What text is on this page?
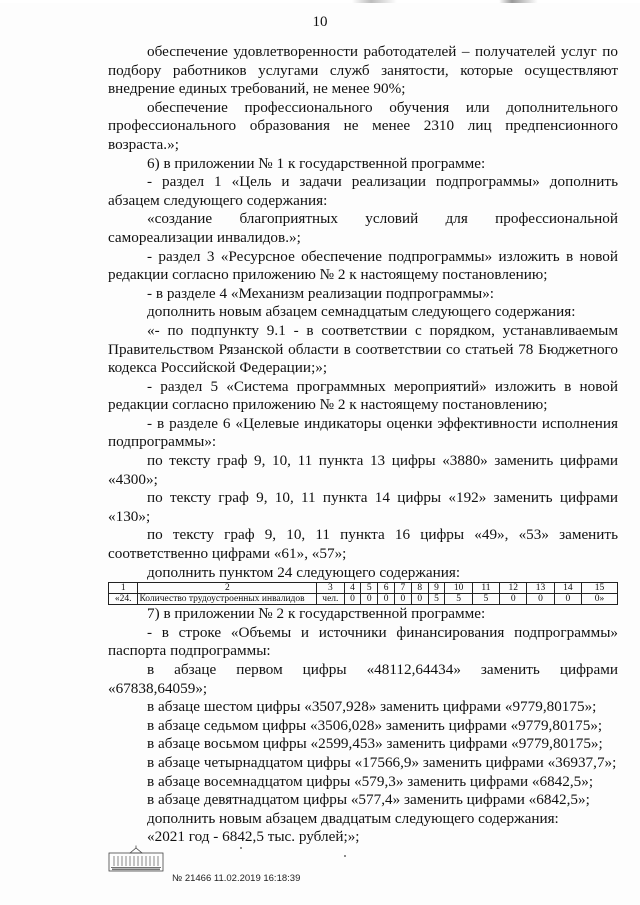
10

обеспечение удовлетворенности работодателей – получателей услуг по подбору работников услугами служб занятости, которые осуществляют внедрение единых требований, не менее 90%;

обеспечение профессионального обучения или дополнительного профессионального образования не менее 2310 лиц предпенсионного возраста.»;

6) в приложении № 1 к государственной программе:

- раздел 1 «Цель и задачи реализации подпрограммы» дополнить абзацем следующего содержания:

«создание благоприятных условий для профессиональной самореализации инвалидов.»;

- раздел 3 «Ресурсное обеспечение подпрограммы» изложить в новой редакции согласно приложению № 2 к настоящему постановлению;

- в разделе 4 «Механизм реализации подпрограммы»:

дополнить новым абзацем семнадцатым следующего содержания:

«- по подпункту 9.1 - в соответствии с порядком, устанавливаемым Правительством Рязанской области в соответствии со статьей 78 Бюджетного кодекса Российской Федерации;»;

- раздел 5 «Система программных мероприятий» изложить в новой редакции согласно приложению № 2 к настоящему постановлению;

- в разделе 6 «Целевые индикаторы оценки эффективности исполнения подпрограммы»:

по тексту граф 9, 10, 11 пункта 13 цифры «3880» заменить цифрами «4300»;

по тексту граф 9, 10, 11 пункта 14 цифры «192» заменить цифрами «130»;

по тексту граф 9, 10, 11 пункта 16 цифры «49», «53» заменить соответственно цифрами «61», «57»;

дополнить пунктом 24 следующего содержания:

1	2	3	4	5	6	7	8	9	10	11	12	13	14	15
«24.	Количество трудоустроенных инвалидов	чел.	0	0	0	0	0	5	5	5	0	0	0	0»

7) в приложении № 2 к государственной программе:

- в строке «Объемы и источники финансирования подпрограммы» паспорта подпрограммы:

в абзаце первом цифры «48112,64434» заменить цифрами «67838,64059»;

в абзаце шестом цифры «3507,928» заменить цифрами «9779,80175»;

в абзаце седьмом цифры «3506,028» заменить цифрами «9779,80175»;

в абзаце восьмом цифры «2599,453» заменить цифрами «9779,80175»;

в абзаце четырнадцатом цифры «17566,9» заменить цифрами «36937,7»;

в абзаце восемнадцатом цифры «579,3» заменить цифрами «6842,5»;

в абзаце девятнадцатом цифры «577,4» заменить цифрами «6842,5»;

дополнить новым абзацем двадцатым следующего содержания:

«2021 год - 6842,5 тыс. рублей;»;

№ 21466 11.02.2019 16:18:39
